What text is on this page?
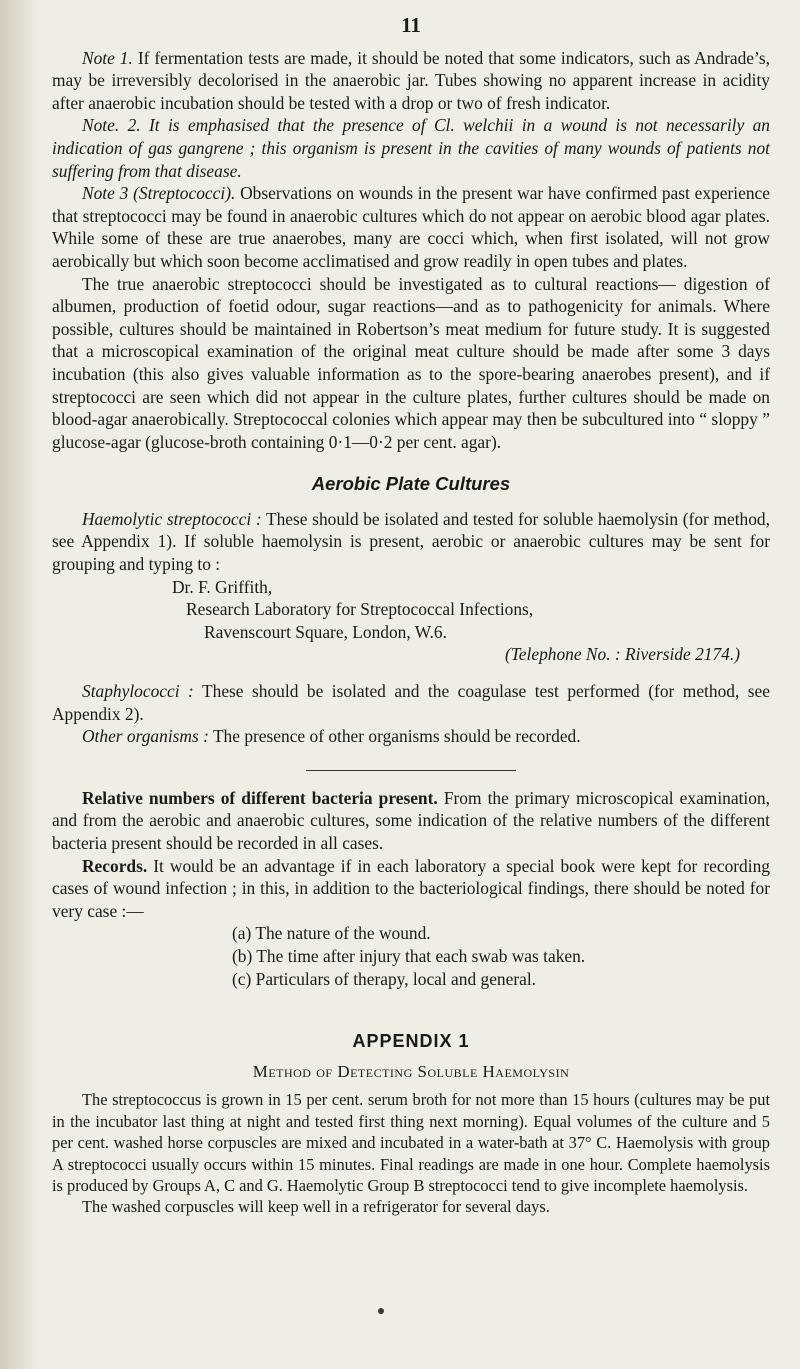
11

Note 1. If fermentation tests are made, it should be noted that some indicators, such as Andrade’s, may be irreversibly decolorised in the anaerobic jar. Tubes showing no apparent increase in acidity after anaerobic incubation should be tested with a drop or two of fresh indicator.

Note. 2. It is emphasised that the presence of Cl. welchii in a wound is not necessarily an indication of gas gangrene ; this organism is present in the cavities of many wounds of patients not suffering from that disease.

Note 3 (Streptococci). Observations on wounds in the present war have confirmed past experience that streptococci may be found in anaerobic cultures which do not appear on aerobic blood agar plates. While some of these are true anaerobes, many are cocci which, when first isolated, will not grow aerobically but which soon become acclimatised and grow readily in open tubes and plates.

The true anaerobic streptococci should be investigated as to cultural reactions— digestion of albumen, production of foetid odour, sugar reactions—and as to pathogenicity for animals. Where possible, cultures should be maintained in Robertson’s meat medium for future study. It is suggested that a microscopical examination of the original meat culture should be made after some 3 days incubation (this also gives valuable information as to the spore-bearing anaerobes present), and if streptococci are seen which did not appear in the culture plates, further cultures should be made on blood-agar anaerobically. Streptococcal colonies which appear may then be subcultured into “ sloppy ” glucose-agar (glucose-broth containing 0·1—0·2 per cent. agar).

Aerobic Plate Cultures

Haemolytic streptococci : These should be isolated and tested for soluble haemolysin (for method, see Appendix 1). If soluble haemolysin is present, aerobic or anaerobic cultures may be sent for grouping and typing to :

Dr. F. Griffith,
Research Laboratory for Streptococcal Infections,
Ravenscourt Square, London, W.6.
(Telephone No. : Riverside 2174.)

Staphylococci : These should be isolated and the coagulase test performed (for method, see Appendix 2).

Other organisms : The presence of other organisms should be recorded.

Relative numbers of different bacteria present. From the primary microscopical examination, and from the aerobic and anaerobic cultures, some indication of the relative numbers of the different bacteria present should be recorded in all cases.

Records. It would be an advantage if in each laboratory a special book were kept for recording cases of wound infection ; in this, in addition to the bacteriological findings, there should be noted for very case :—

(a) The nature of the wound.
(b) The time after injury that each swab was taken.
(c) Particulars of therapy, local and general.
APPENDIX 1
Method of Detecting Soluble Haemolysin

The streptococcus is grown in 15 per cent. serum broth for not more than 15 hours (cultures may be put in the incubator last thing at night and tested first thing next morning). Equal volumes of the culture and 5 per cent. washed horse corpuscles are mixed and incubated in a water-bath at 37° C. Haemolysis with group A streptococci usually occurs within 15 minutes. Final readings are made in one hour. Complete haemolysis is produced by Groups A, C and G. Haemolytic Group B streptococci tend to give incomplete haemolysis.

The washed corpuscles will keep well in a refrigerator for several days.
